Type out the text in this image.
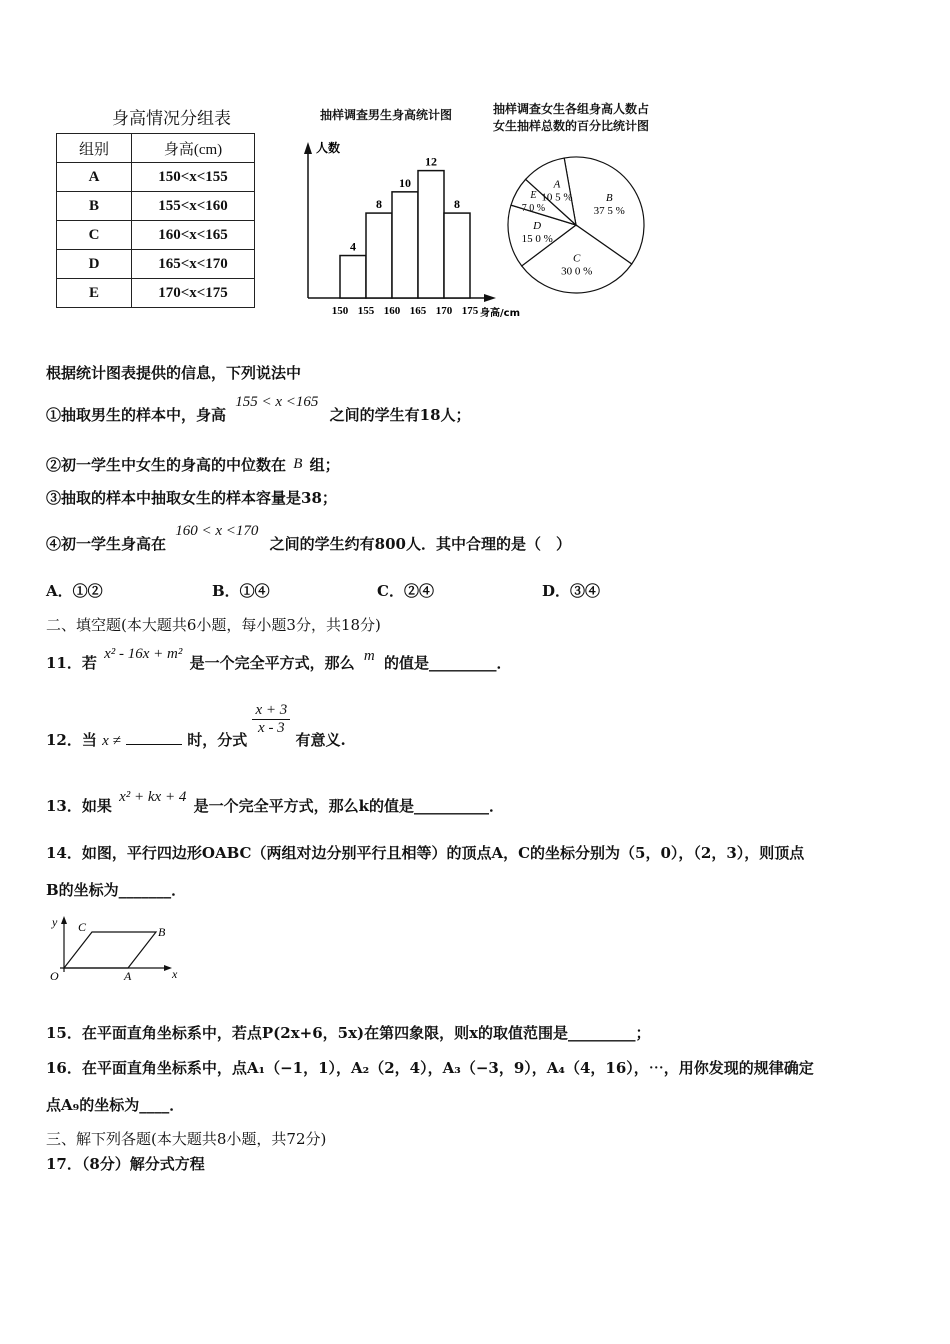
身高情况分组表
组别	身高(cm)
A	150<x<155
B	155<x<160
C	160<x<165
D	165<x<170
E	170<x<175
抽样调查男生身高统计图
人数
身高/cm
4
8
10
12
8
150 155 160 165 170 175
抽样调查女生各组身高人数占
女生抽样总数的百分比统计图
B
37 5 %
C
30 0 %
D
15 0 %
E
7 0 %
A
10 5 %
根据统计图表提供的信息，下列说法中
①抽取男生的样本中，身高 155 < x <165 之间的学生有18人；
②初一学生中女生的身高的中位数在 B 组；
③抽取的样本中抽取女生的样本容量是38；
④初一学生身高在 160 < x <170 之间的学生约有800人．其中合理的是（　）
A．①②	B．①④	C．②④	D．③④
二、填空题(本大题共6小题，每小题3分，共18分)
11．若 x² - 16x + m² 是一个完全平方式，那么 m 的值是_________．
12．当 x ≠	时，分式
$\frac{x + 3}{x - 3}$
有意义.
13．如果 x² + kx + 4 是一个完全平方式，那么k的值是__________．
14．如图，平行四边形OABC（两组对边分别平行且相等）的顶点A，C的坐标分别为（5，0），（2，3），则顶点
B的坐标为_______．
y C	B
O	A	x
15．在平面直角坐标系中，若点P(2x+6，5x)在第四象限，则x的取值范围是_________；
16．在平面直角坐标系中，点A₁（−1，1），A₂（2，4），A₃（−3，9），A₄（4，16），⋯，用你发现的规律确定
点A₉的坐标为____．
三、解下列各题(本大题共8小题，共72分)
17．（8分）解分式方程
